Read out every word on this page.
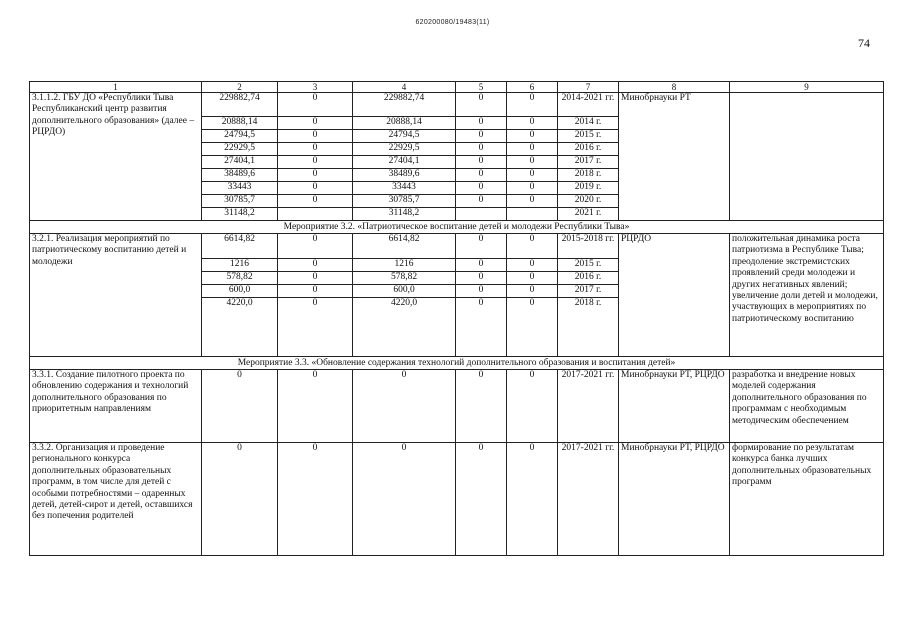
620200080/19483(11)
74
1	2	3	4	5	6	7	8	9
3.1.1.2. ГБУ ДО «Республики Тыва Республиканский центр развития дополнительного образования» (далее – РЦРДО)	229882,74	0	229882,74	0	0	2014-2021 гг.	Минобрнауки РТ	
	20888,14	0	20888,14	0	0	2014 г.		
	24794,5	0	24794,5	0	0	2015 г.		
	22929,5	0	22929,5	0	0	2016 г.		
	27404,1	0	27404,1	0	0	2017 г.		
	38489,6	0	38489,6	0	0	2018 г.		
	33443	0	33443	0	0	2019 г.		
	30785,7	0	30785,7	0	0	2020 г.		
	31148,2		31148,2			2021 г.		
Мероприятие 3.2. «Патриотическое воспитание детей и молодежи Республики Тыва»								
3.2.1. Реализация мероприятий по патриотическому воспитанию детей и молодежи	6614,82	0	6614,82	0	0	2015-2018 гг.	РЦРДО	положительная динамика роста патриотизма в Республике Тыва; преодоление экстремистских проявлений среди молодежи и других негативных явлений; увеличение доли детей и молодежи, участвующих в мероприятиях по патриотическому воспитанию
	1216	0	1216	0	0	2015 г.		
	578,82	0	578,82	0	0	2016 г.		
	600,0	0	600,0	0	0	2017 г.		
	4220,0	0	4220,0	0	0	2018 г.		
Мероприятие 3.3. «Обновление содержания технологий дополнительного образования и воспитания детей»								
3.3.1. Создание пилотного проекта по обновлению содержания и технологий дополнительного образования по приоритетным направлениям	0	0	0	0	0	2017-2021 гг.	Минобрнауки РТ, РЦРДО	разработка и внедрение новых моделей содержания дополнительного образования по программам с необходимым методическим обеспечением
3.3.2. Организация и проведение регионального конкурса дополнительных образовательных программ, в том числе для детей с особыми потребностями – одаренных детей, детей-сирот и детей, оставшихся без попечения родителей	0	0	0	0	0	2017-2021 гг.	Минобрнауки РТ, РЦРДО	формирование по результатам конкурса банка лучших дополнительных образовательных программ
